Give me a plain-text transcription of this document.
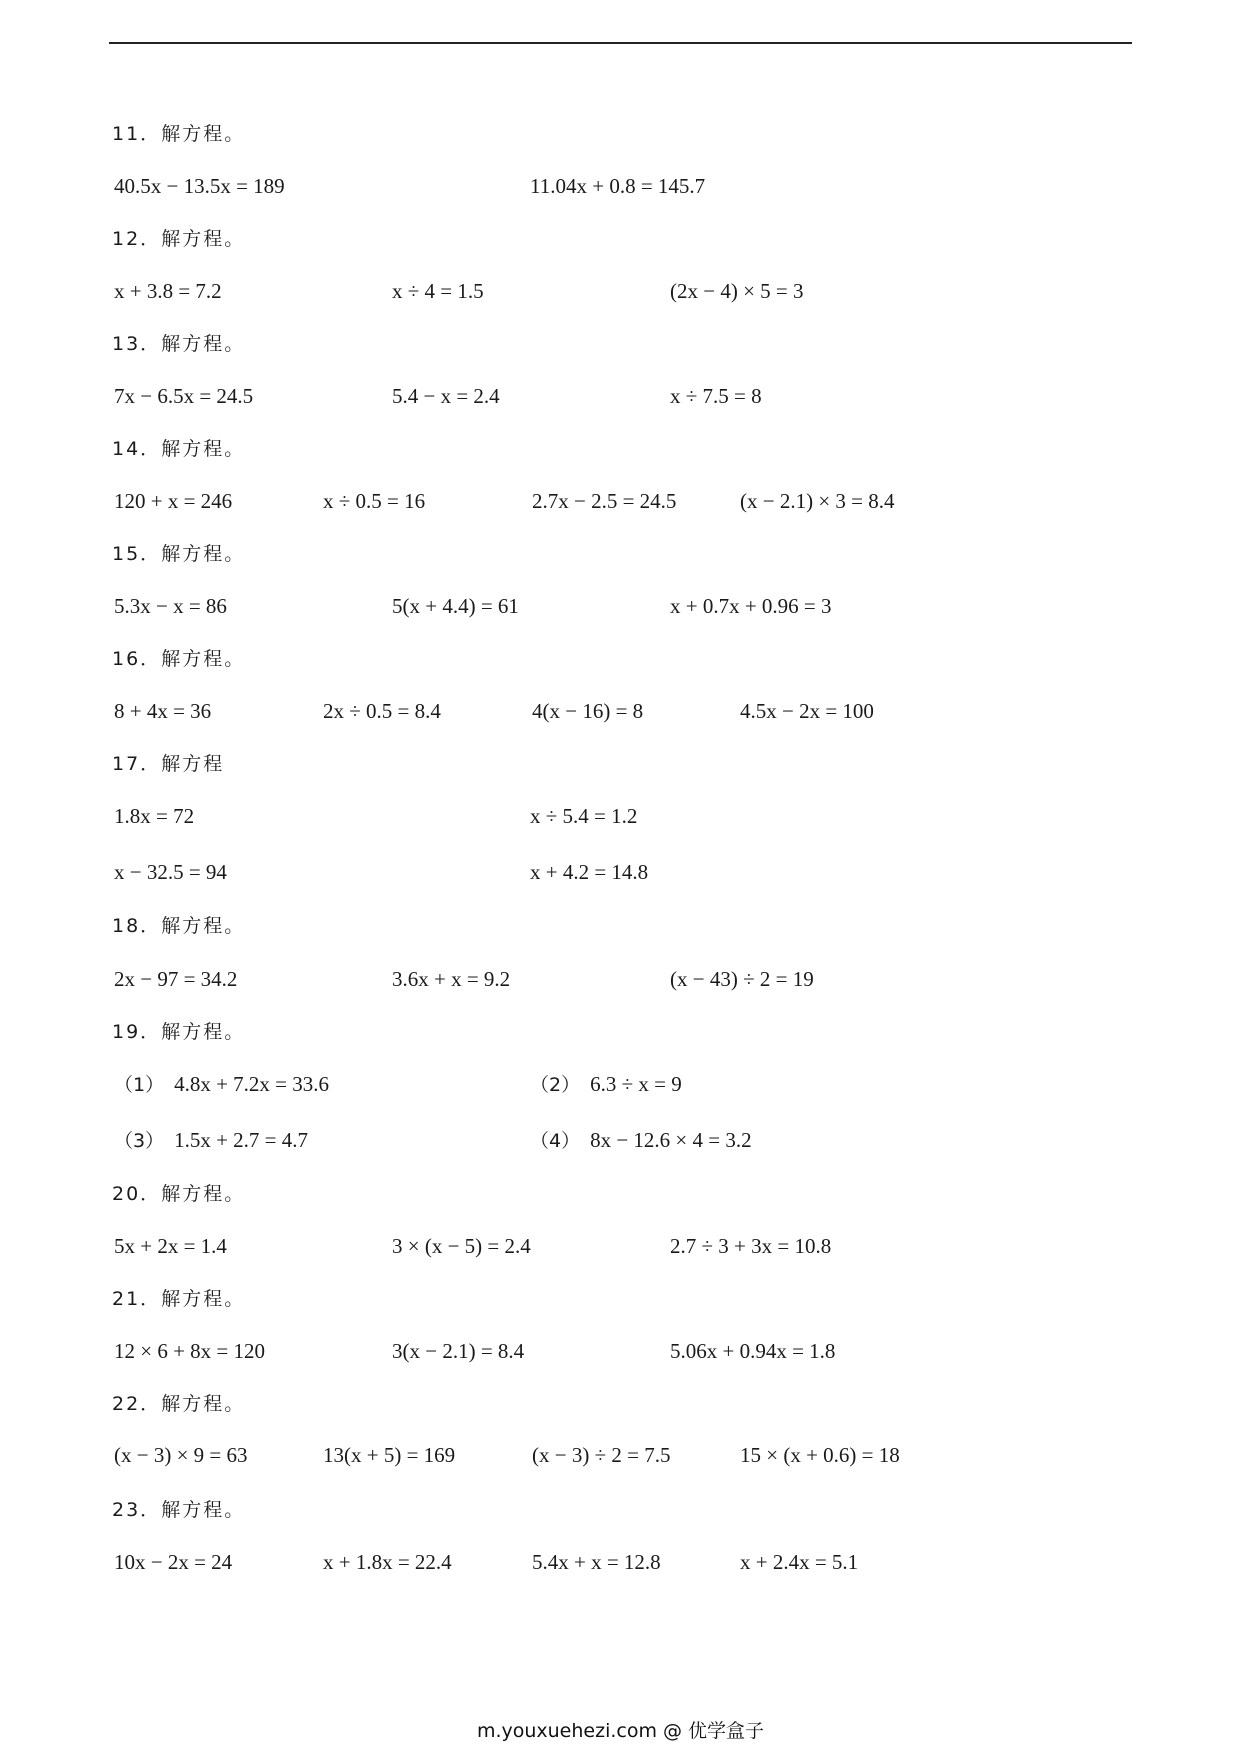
11．解方程。
40.5x − 13.5x = 189	11.04x + 0.8 = 145.7
12．解方程。
x + 3.8 = 7.2	x ÷ 4 = 1.5	(2x − 4) × 5 = 3
13．解方程。
7x − 6.5x = 24.5	5.4 − x = 2.4	x ÷ 7.5 = 8
14．解方程。
120 + x = 246	x ÷ 0.5 = 16	2.7x − 2.5 = 24.5	(x − 2.1) × 3 = 8.4
15．解方程。
5.3x − x = 86	5(x + 4.4) = 61	x + 0.7x + 0.96 = 3
16．解方程。
8 + 4x = 36	2x ÷ 0.5 = 8.4	4(x − 16) = 8	4.5x − 2x = 100
17．解方程
1.8x = 72	x ÷ 5.4 = 1.2
x − 32.5 = 94	x + 4.2 = 14.8
18．解方程。
2x − 97 = 34.2	3.6x + x = 9.2	(x − 43) ÷ 2 = 19
19．解方程。
（1） 4.8x + 7.2x = 33.6	（2） 6.3 ÷ x = 9
（3） 1.5x + 2.7 = 4.7	（4） 8x − 12.6 × 4 = 3.2
20．解方程。
5x + 2x = 1.4	3 × (x − 5) = 2.4	2.7 ÷ 3 + 3x = 10.8
21．解方程。
12 × 6 + 8x = 120	3(x − 2.1) = 8.4	5.06x + 0.94x = 1.8
22．解方程。
(x − 3) × 9 = 63	13(x + 5) = 169	(x − 3) ÷ 2 = 7.5	15 × (x + 0.6) = 18
23．解方程。
10x − 2x = 24	x + 1.8x = 22.4	5.4x + x = 12.8	x + 2.4x = 5.1
m.youxuehezi.com @ 优学盒子
